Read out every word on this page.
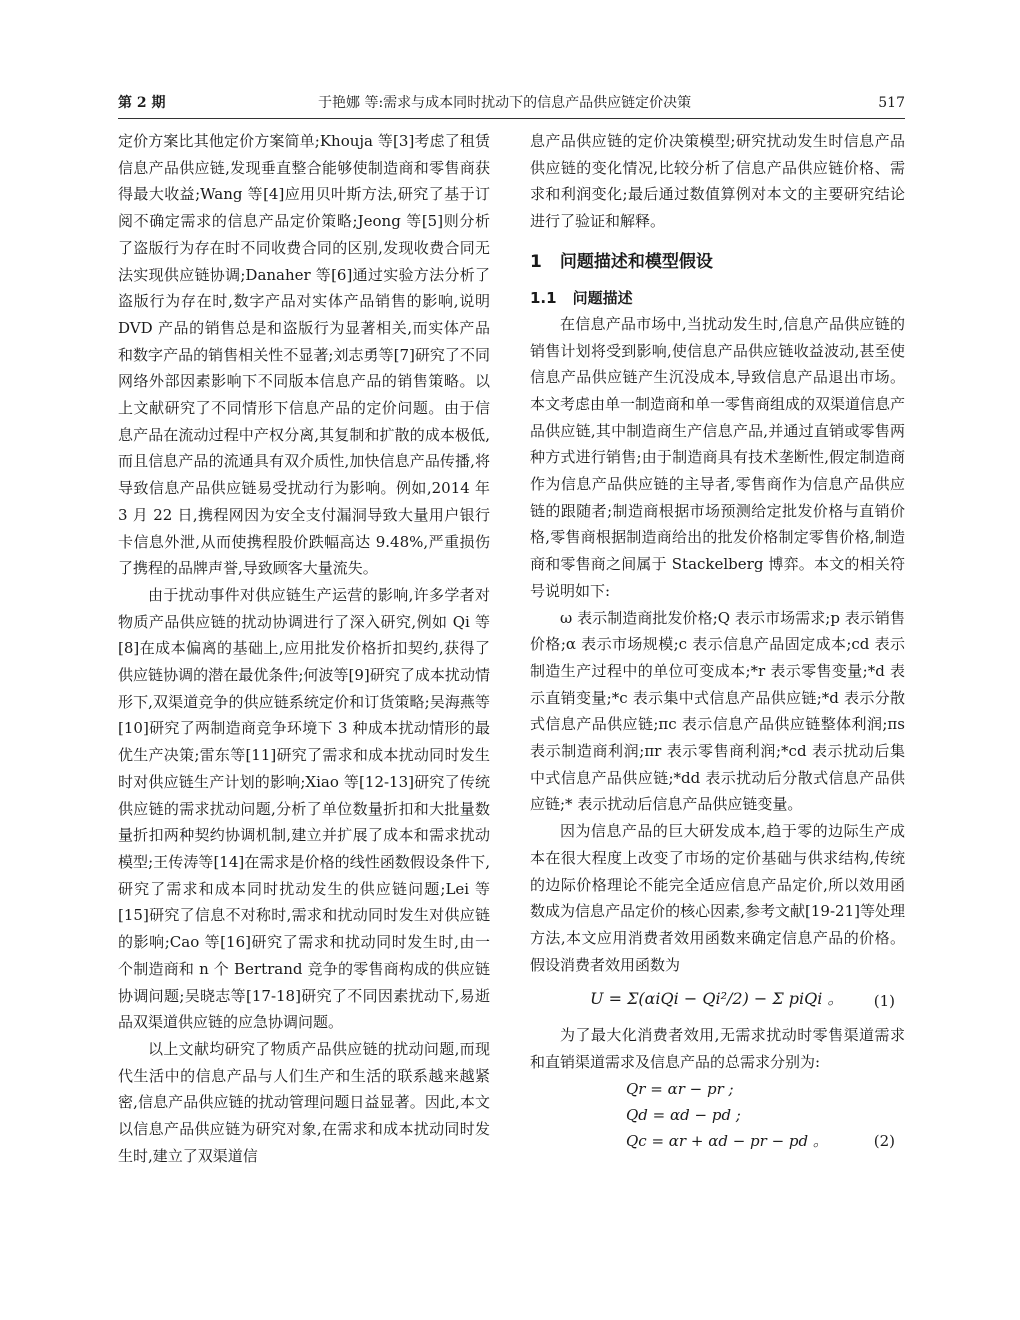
第 2 期	于艳娜 等:需求与成本同时扰动下的信息产品供应链定价决策	517

定价方案比其他定价方案简单;Khouja 等[3]考虑了租赁信息产品供应链,发现垂直整合能够使制造商和零售商获得最大收益;Wang 等[4]应用贝叶斯方法,研究了基于订阅不确定需求的信息产品定价策略;Jeong 等[5]则分析了盗版行为存在时不同收费合同的区别,发现收费合同无法实现供应链协调;Danaher 等[6]通过实验方法分析了盗版行为存在时,数字产品对实体产品销售的影响,说明 DVD 产品的销售总是和盗版行为显著相关,而实体产品和数字产品的销售相关性不显著;刘志勇等[7]研究了不同网络外部因素影响下不同版本信息产品的销售策略。以上文献研究了不同情形下信息产品的定价问题。由于信息产品在流动过程中产权分离,其复制和扩散的成本极低,而且信息产品的流通具有双介质性,加快信息产品传播,将导致信息产品供应链易受扰动行为影响。例如,2014 年 3 月 22 日,携程网因为安全支付漏洞导致大量用户银行卡信息外泄,从而使携程股价跌幅高达 9.48%,严重损伤了携程的品牌声誉,导致顾客大量流失。

由于扰动事件对供应链生产运营的影响,许多学者对物质产品供应链的扰动协调进行了深入研究,例如 Qi 等[8]在成本偏离的基础上,应用批发价格折扣契约,获得了供应链协调的潜在最优条件;何波等[9]研究了成本扰动情形下,双渠道竞争的供应链系统定价和订货策略;吴海燕等[10]研究了两制造商竞争环境下 3 种成本扰动情形的最优生产决策;雷东等[11]研究了需求和成本扰动同时发生时对供应链生产计划的影响;Xiao 等[12-13]研究了传统供应链的需求扰动问题,分析了单位数量折扣和大批量数量折扣两种契约协调机制,建立并扩展了成本和需求扰动模型;王传涛等[14]在需求是价格的线性函数假设条件下,研究了需求和成本同时扰动发生的供应链问题;Lei 等[15]研究了信息不对称时,需求和扰动同时发生对供应链的影响;Cao 等[16]研究了需求和扰动同时发生时,由一个制造商和 n 个 Bertrand 竞争的零售商构成的供应链协调问题;吴晓志等[17-18]研究了不同因素扰动下,易逝品双渠道供应链的应急协调问题。

以上文献均研究了物质产品供应链的扰动问题,而现代生活中的信息产品与人们生产和生活的联系越来越紧密,信息产品供应链的扰动管理问题日益显著。因此,本文以信息产品供应链为研究对象,在需求和成本扰动同时发生时,建立了双渠道信

息产品供应链的定价决策模型;研究扰动发生时信息产品供应链的变化情况,比较分析了信息产品供应链价格、需求和利润变化;最后通过数值算例对本文的主要研究结论进行了验证和解释。

1 问题描述和模型假设
1.1 问题描述

在信息产品市场中,当扰动发生时,信息产品供应链的销售计划将受到影响,使信息产品供应链收益波动,甚至使信息产品供应链产生沉没成本,导致信息产品退出市场。本文考虑由单一制造商和单一零售商组成的双渠道信息产品供应链,其中制造商生产信息产品,并通过直销或零售两种方式进行销售;由于制造商具有技术垄断性,假定制造商作为信息产品供应链的主导者,零售商作为信息产品供应链的跟随者;制造商根据市场预测给定批发价格与直销价格,零售商根据制造商给出的批发价格制定零售价格,制造商和零售商之间属于 Stackelberg 博弈。本文的相关符号说明如下:

ω 表示制造商批发价格;Q 表示市场需求;p 表示销售价格;α 表示市场规模;c 表示信息产品固定成本;cd 表示制造生产过程中的单位可变成本;*r 表示零售变量;*d 表示直销变量;*c 表示集中式信息产品供应链;*d 表示分散式信息产品供应链;πc 表示信息产品供应链整体利润;πs 表示制造商利润;πr 表示零售商利润;*cd 表示扰动后集中式信息产品供应链;*dd 表示扰动后分散式信息产品供应链;* 表示扰动后信息产品供应链变量。

因为信息产品的巨大研发成本,趋于零的边际生产成本在很大程度上改变了市场的定价基础与供求结构,传统的边际价格理论不能完全适应信息产品定价,所以效用函数成为信息产品定价的核心因素,参考文献[19-21]等处理方法,本文应用消费者效用函数来确定信息产品的价格。假设消费者效用函数为

U = Σ(αiQi − Qi²/2) − Σ piQi 。 (1)

为了最大化消费者效用,无需求扰动时零售渠道需求和直销渠道需求及信息产品的总需求分别为:

Qr = αr − pr ;
Qd = αd − pd ;
Qc = αr + αd − pr − pd 。	(2)
